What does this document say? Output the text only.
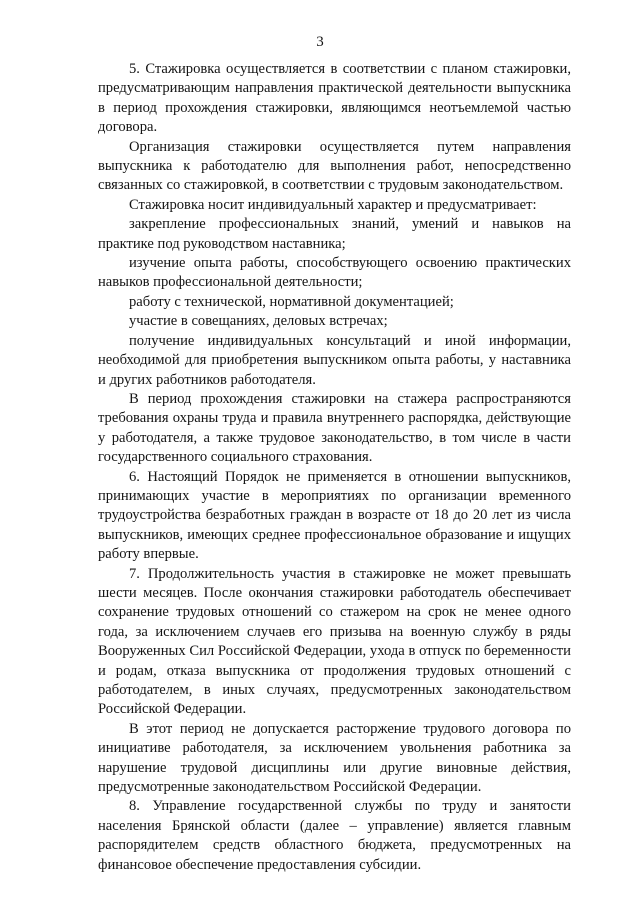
3

5. Стажировка осуществляется в соответствии с планом стажировки, предусматривающим направления практической деятельности выпускника в период прохождения стажировки, являющимся неотъемлемой частью договора.

Организация стажировки осуществляется путем направления выпускника к работодателю для выполнения работ, непосредственно связанных со стажировкой, в соответствии с трудовым законодательством.

Стажировка носит индивидуальный характер и предусматривает:

закрепление профессиональных знаний, умений и навыков на практике под руководством наставника;

изучение опыта работы, способствующего освоению практических навыков профессиональной деятельности;

работу с технической, нормативной документацией;

участие в совещаниях, деловых встречах;

получение индивидуальных консультаций и иной информации, необходимой для приобретения выпускником опыта работы, у наставника и других работников работодателя.

В период прохождения стажировки на стажера распространяются требования охраны труда и правила внутреннего распорядка, действующие у работодателя, а также трудовое законодательство, в том числе в части государственного социального страхования.

6. Настоящий Порядок не применяется в отношении выпускников, принимающих участие в мероприятиях по организации временного трудоустройства безработных граждан в возрасте от 18 до 20 лет из числа выпускников, имеющих среднее профессиональное образование и ищущих работу впервые.

7. Продолжительность участия в стажировке не может превышать шести месяцев. После окончания стажировки работодатель обеспечивает сохранение трудовых отношений со стажером на срок не менее одного года, за исключением случаев его призыва на военную службу в ряды Вооруженных Сил Российской Федерации, ухода в отпуск по беременности и родам, отказа выпускника от продолжения трудовых отношений с работодателем, в иных случаях, предусмотренных законодательством Российской Федерации.

В этот период не допускается расторжение трудового договора по инициативе работодателя, за исключением увольнения работника за нарушение трудовой дисциплины или другие виновные действия, предусмотренные законодательством Российской Федерации.

8. Управление государственной службы по труду и занятости населения Брянской области (далее – управление) является главным распорядителем средств областного бюджета, предусмотренных на финансовое обеспечение предоставления субсидии.
